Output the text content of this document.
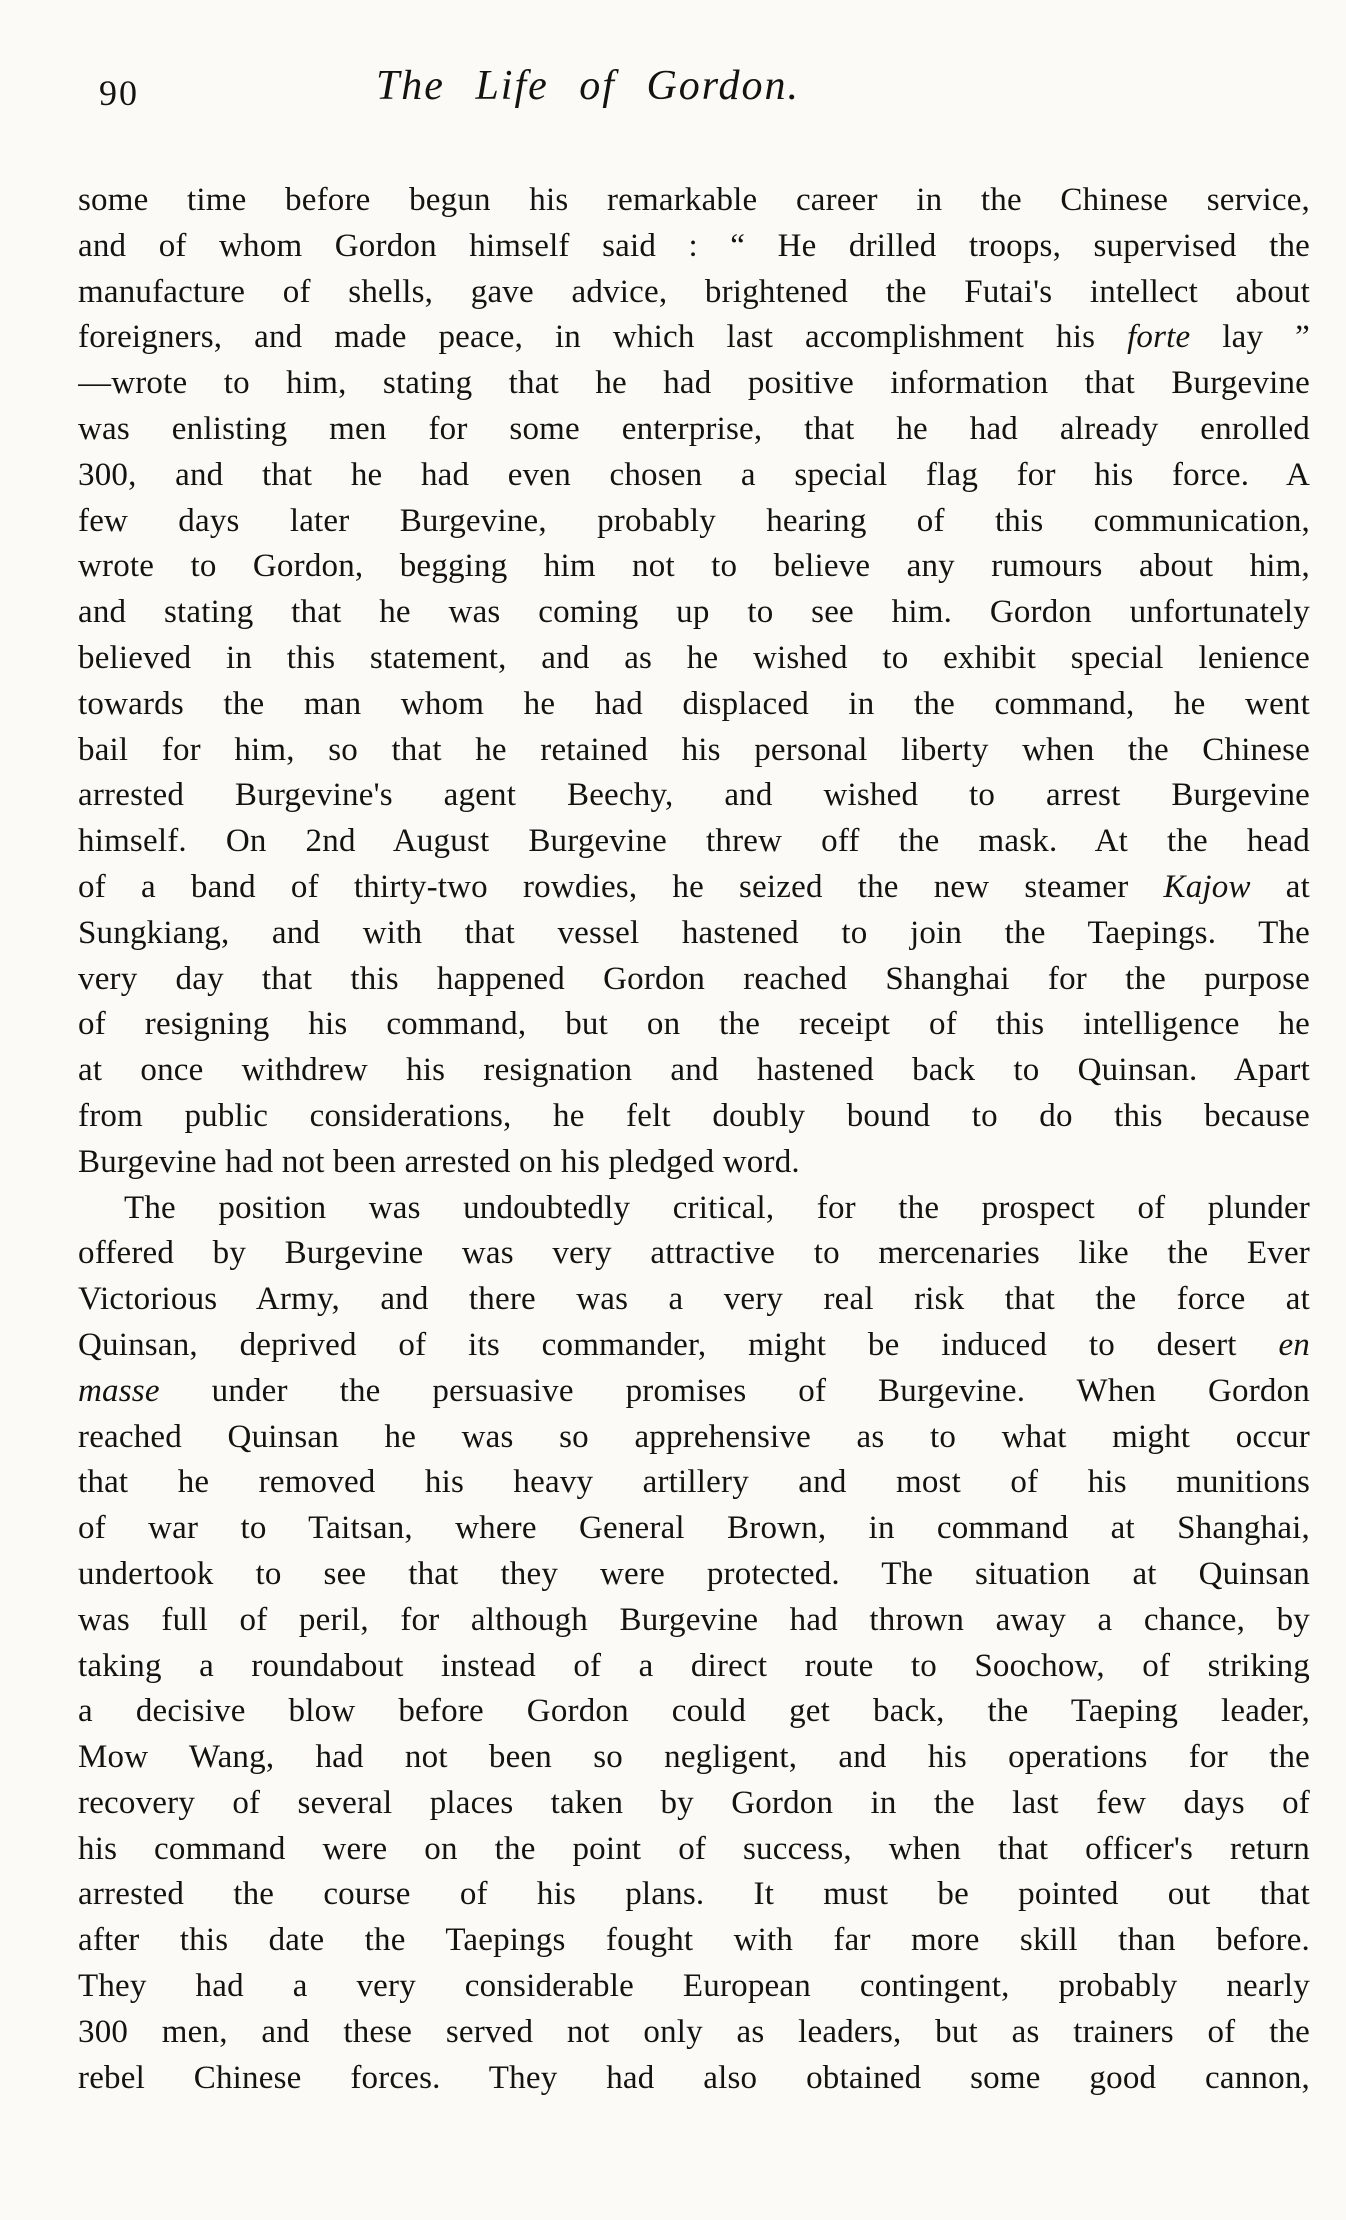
90	The Life of Gordon.
some time before begun his remarkable career in the Chinese service,
and of whom Gordon himself said : “ He drilled troops, supervised the
manufacture of shells, gave advice, brightened the Futai's intellect about
foreigners, and made peace, in which last accomplishment his forte lay ”
—wrote to him, stating that he had positive information that Burgevine
was enlisting men for some enterprise, that he had already enrolled
300, and that he had even chosen a special flag for his force. A
few days later Burgevine, probably hearing of this communication,
wrote to Gordon, begging him not to believe any rumours about him,
and stating that he was coming up to see him. Gordon unfortunately
believed in this statement, and as he wished to exhibit special lenience
towards the man whom he had displaced in the command, he went
bail for him, so that he retained his personal liberty when the Chinese
arrested Burgevine's agent Beechy, and wished to arrest Burgevine
himself. On 2nd August Burgevine threw off the mask. At the head
of a band of thirty-two rowdies, he seized the new steamer Kajow at
Sungkiang, and with that vessel hastened to join the Taepings. The
very day that this happened Gordon reached Shanghai for the purpose
of resigning his command, but on the receipt of this intelligence he
at once withdrew his resignation and hastened back to Quinsan. Apart
from public considerations, he felt doubly bound to do this because
Burgevine had not been arrested on his pledged word.
The position was undoubtedly critical, for the prospect of plunder
offered by Burgevine was very attractive to mercenaries like the Ever
Victorious Army, and there was a very real risk that the force at
Quinsan, deprived of its commander, might be induced to desert en
masse under the persuasive promises of Burgevine. When Gordon
reached Quinsan he was so apprehensive as to what might occur
that he removed his heavy artillery and most of his munitions
of war to Taitsan, where General Brown, in command at Shanghai,
undertook to see that they were protected. The situation at Quinsan
was full of peril, for although Burgevine had thrown away a chance, by
taking a roundabout instead of a direct route to Soochow, of striking
a decisive blow before Gordon could get back, the Taeping leader,
Mow Wang, had not been so negligent, and his operations for the
recovery of several places taken by Gordon in the last few days of
his command were on the point of success, when that officer's return
arrested the course of his plans. It must be pointed out that
after this date the Taepings fought with far more skill than before.
They had a very considerable European contingent, probably nearly
300 men, and these served not only as leaders, but as trainers of the
rebel Chinese forces. They had also obtained some good cannon,
